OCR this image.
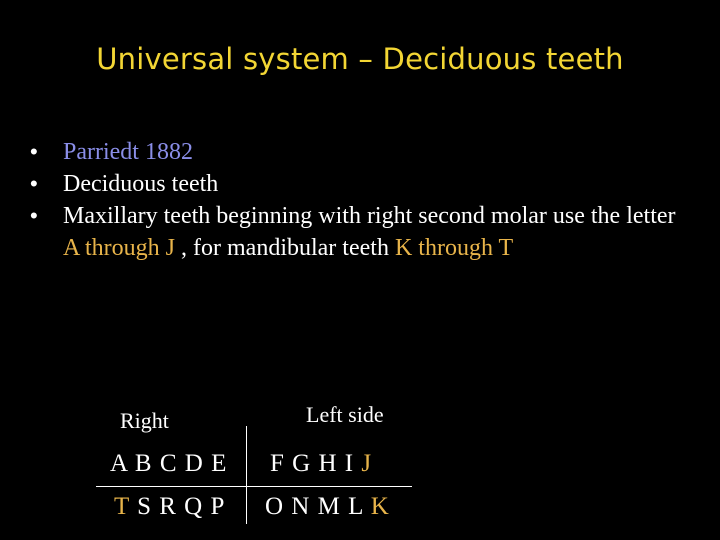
Universal system – Deciduous teeth
• Parriedt 1882
• Deciduous teeth
• Maxillary teeth beginning with right second molar use the letter A through J , for mandibular teeth K through T
Right	Left side
A B C D E F G H I J
T S R Q P O N M L K
